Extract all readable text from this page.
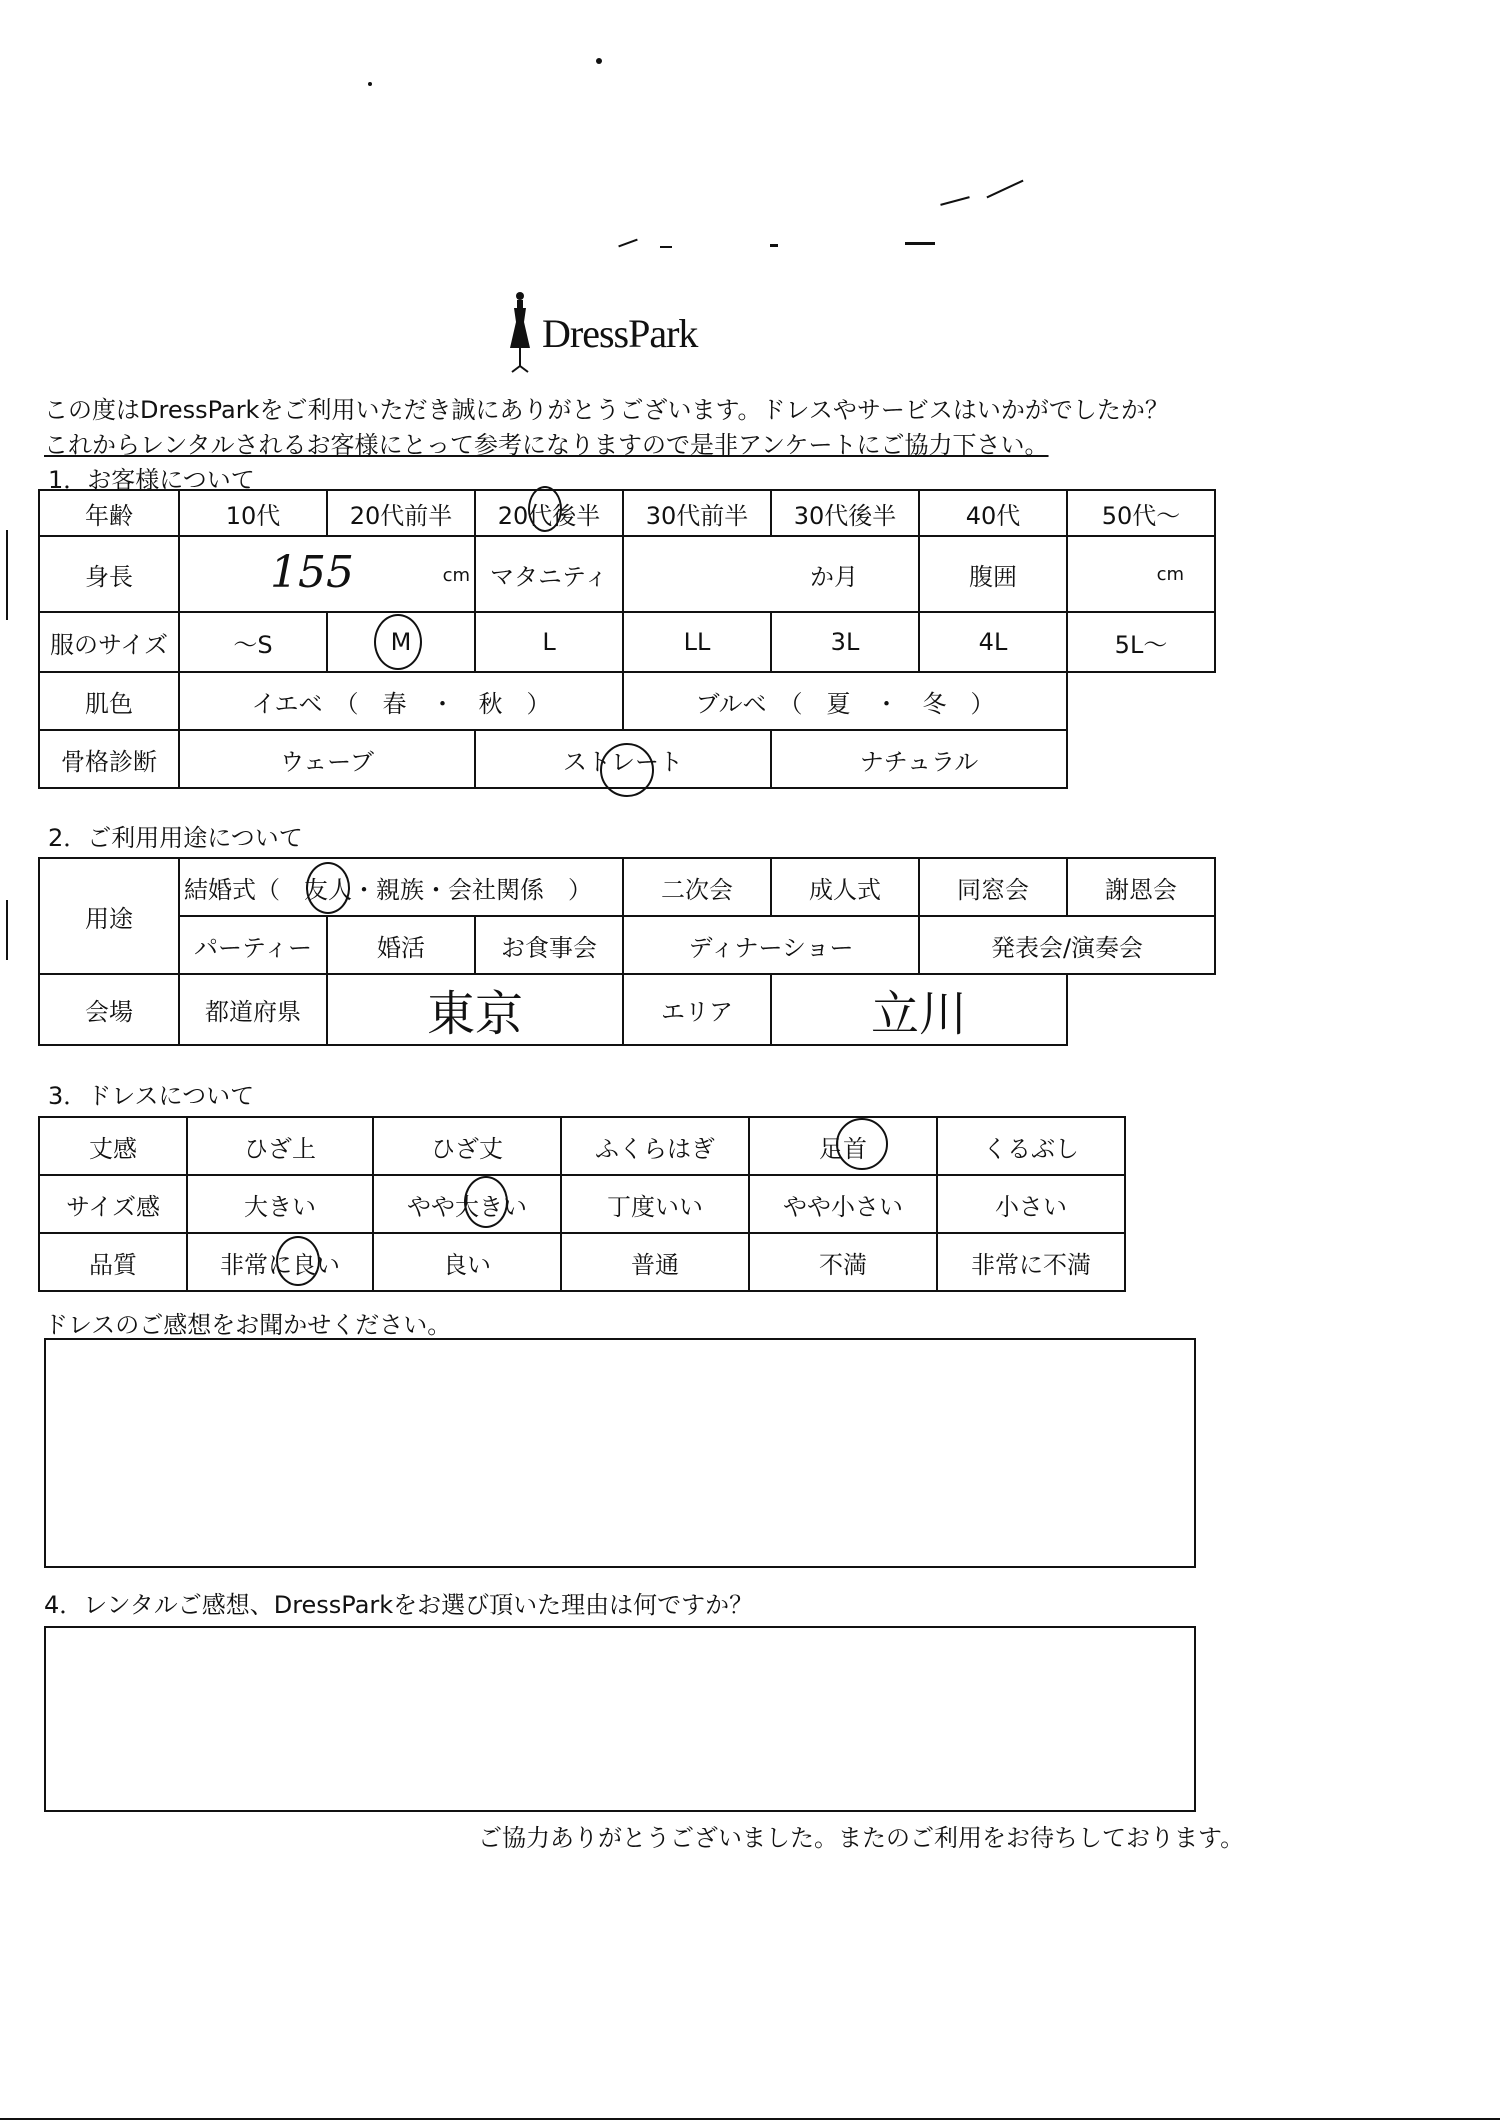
DressPark
この度はDressParkをご利用いただき誠にありがとうございます。ドレスやサービスはいかがでしたか？
これからレンタルされるお客様にとって参考になりますので是非アンケートにご協力下さい。
1．お客様について
年齢	10代	20代前半	20代後半	30代前半	30代後半	40代	50代～
身長	155 cm		マタニティ	か月		腹囲	cm
服のサイズ	～S	M	L	LL	3L	4L	5L～
肌色	イエベ　（　春　・　秋　）			ブルベ　（　夏　・　冬　）			
骨格診断	ウェーブ		ストレート		ナチュラル		
2．ご利用用途について
用途	結婚式（　友人・親族・会社関係　）			二次会	成人式	同窓会	謝恩会
	パーティー	婚活	お食事会	ディナーショー		発表会/演奏会	
会場	都道府県	東京		エリア	立川		
3．ドレスについて
丈感	ひざ上	ひざ丈	ふくらはぎ	足首	くるぶし
サイズ感	大きい	やや大きい	丁度いい	やや小さい	小さい
品質	非常に良い	良い	普通	不満	非常に不満
ドレスのご感想をお聞かせください。
4．レンタルご感想、DressParkをお選び頂いた理由は何ですか？
ご協力ありがとうございました。またのご利用をお待ちしております。
